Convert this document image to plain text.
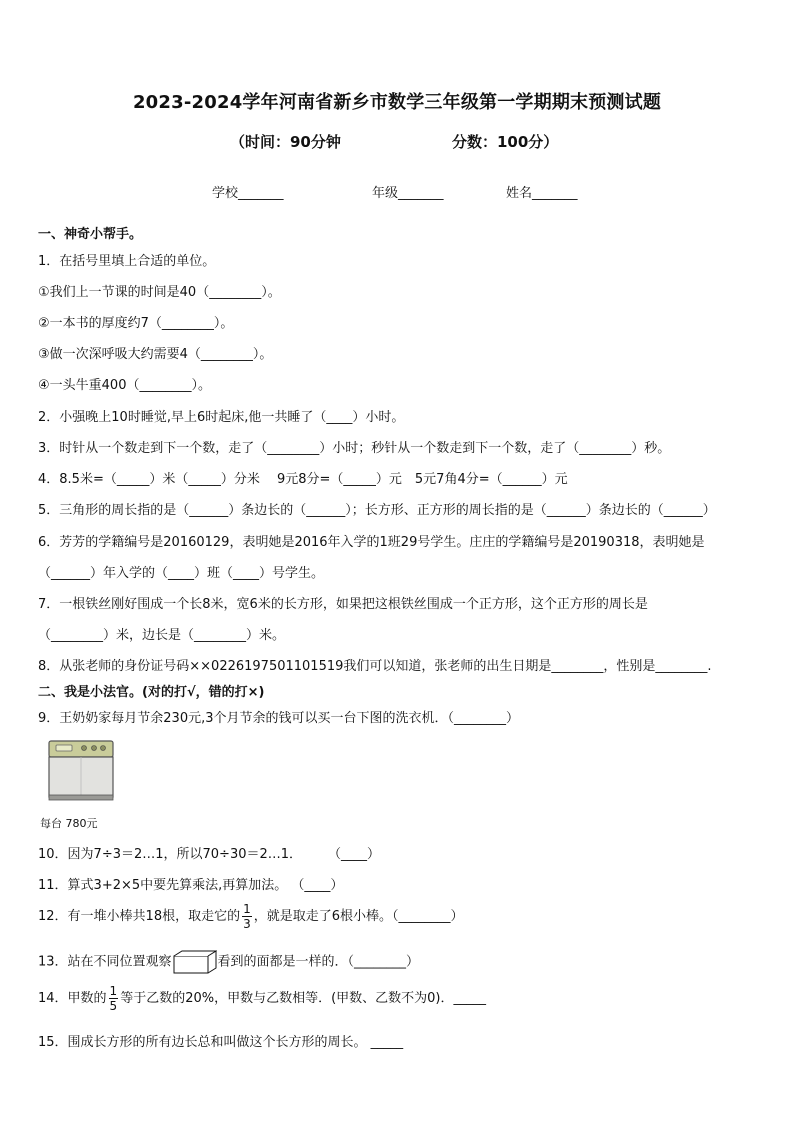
2023-2024学年河南省新乡市数学三年级第一学期期末预测试题
（时间：90分钟	分数：100分）
学校_______	年级_______	姓名_______
一、神奇小帮手。
1．在括号里填上合适的单位。
①我们上一节课的时间是40（________）。
②一本书的厚度约7（________）。
③做一次深呼吸大约需要4（________）。
④一头牛重400（________）。
2．小强晚上10时睡觉,早上6时起床,他一共睡了（____）小时。
3．时针从一个数走到下一个数，走了（________）小时；秒针从一个数走到下一个数，走了（________）秒。
4．8.5米=（_____）米（_____）分米　 9元8分=（_____）元　5元7角4分=（______）元
5．三角形的周长指的是（______）条边长的（______）；长方形、正方形的周长指的是（______）条边长的（______）
6．芳芳的学籍编号是20160129，表明她是2016年入学的1班29号学生。庄庄的学籍编号是20190318，表明她是
（______）年入学的（____）班（____）号学生。
7．一根铁丝刚好围成一个长8米，宽6米的长方形，如果把这根铁丝围成一个正方形，这个正方形的周长是
（________）米，边长是（________）米。
8．从张老师的身份证号码××0226197501101519我们可以知道，张老师的出生日期是________，性别是________.
二、我是小法官。(对的打√，错的打×)
9．王奶奶家每月节余230元,3个月节余的钱可以买一台下图的洗衣机．（________）
每台 780元
10．因为7÷3＝2…1，所以70÷30＝2…1．　　　（____）
11．算式3+2×5中要先算乘法,再算加法。 （____）
12．有一堆小棒共18根，取走它的 $\frac{1}{3}$ ，就是取走了6根小棒。（________）
13．站在不同位置观察	看到的面都是一样的．（________）
14．甲数的 $\frac{1}{5}$ 等于乙数的20%，甲数与乙数相等．(甲数、乙数不为0)．_____
15．围成长方形的所有边长总和叫做这个长方形的周长。 _____
